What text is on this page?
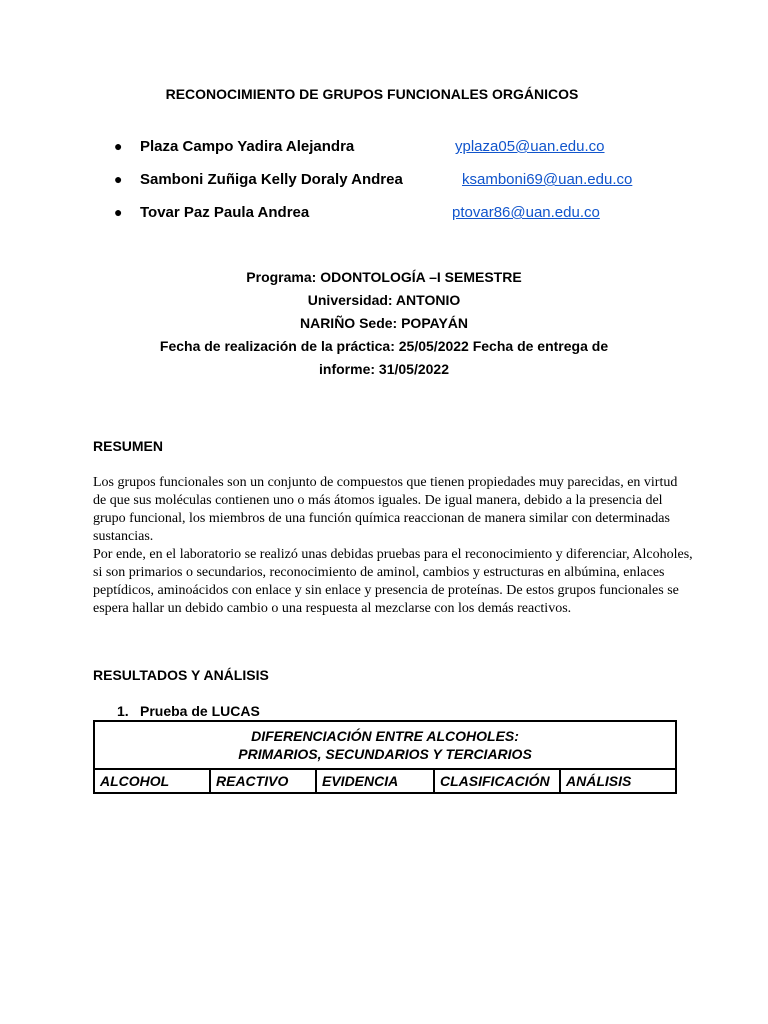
RECONOCIMIENTO DE GRUPOS FUNCIONALES ORGÁNICOS
● Plaza Campo Yadira Alejandra	yplaza05@uan.edu.co
● Samboni Zuñiga Kelly Doraly Andrea	ksamboni69@uan.edu.co
● Tovar Paz Paula Andrea	ptovar86@uan.edu.co
Programa: ODONTOLOGÍA –I SEMESTRE
Universidad: ANTONIO
NARIÑO Sede: POPAYÁN
Fecha de realización de la práctica: 25/05/2022 Fecha de entrega de
informe: 31/05/2022
RESUMEN

Los grupos funcionales son un conjunto de compuestos que tienen propiedades muy parecidas, en virtud de que sus moléculas contienen uno o más átomos iguales. De igual manera, debido a la presencia del grupo funcional, los miembros de una función química reaccionan de manera similar con determinadas sustancias.

Por ende, en el laboratorio se realizó unas debidas pruebas para el reconocimiento y diferenciar, Alcoholes, si son primarios o secundarios, reconocimiento de aminol, cambios y estructuras en albúmina, enlaces peptídicos, aminoácidos con enlace y sin enlace y presencia de proteínas. De estos grupos funcionales se espera hallar un debido cambio o una respuesta al mezclarse con los demás reactivos.

RESULTADOS Y ANÁLISIS
1. Prueba de LUCAS
DIFERENCIACIÓN ENTRE ALCOHOLES:
PRIMARIOS, SECUNDARIOS Y TERCIARIOS

ALCOHOL	REACTIVO	EVIDENCIA	CLASIFICACIÓN	ANÁLISIS
